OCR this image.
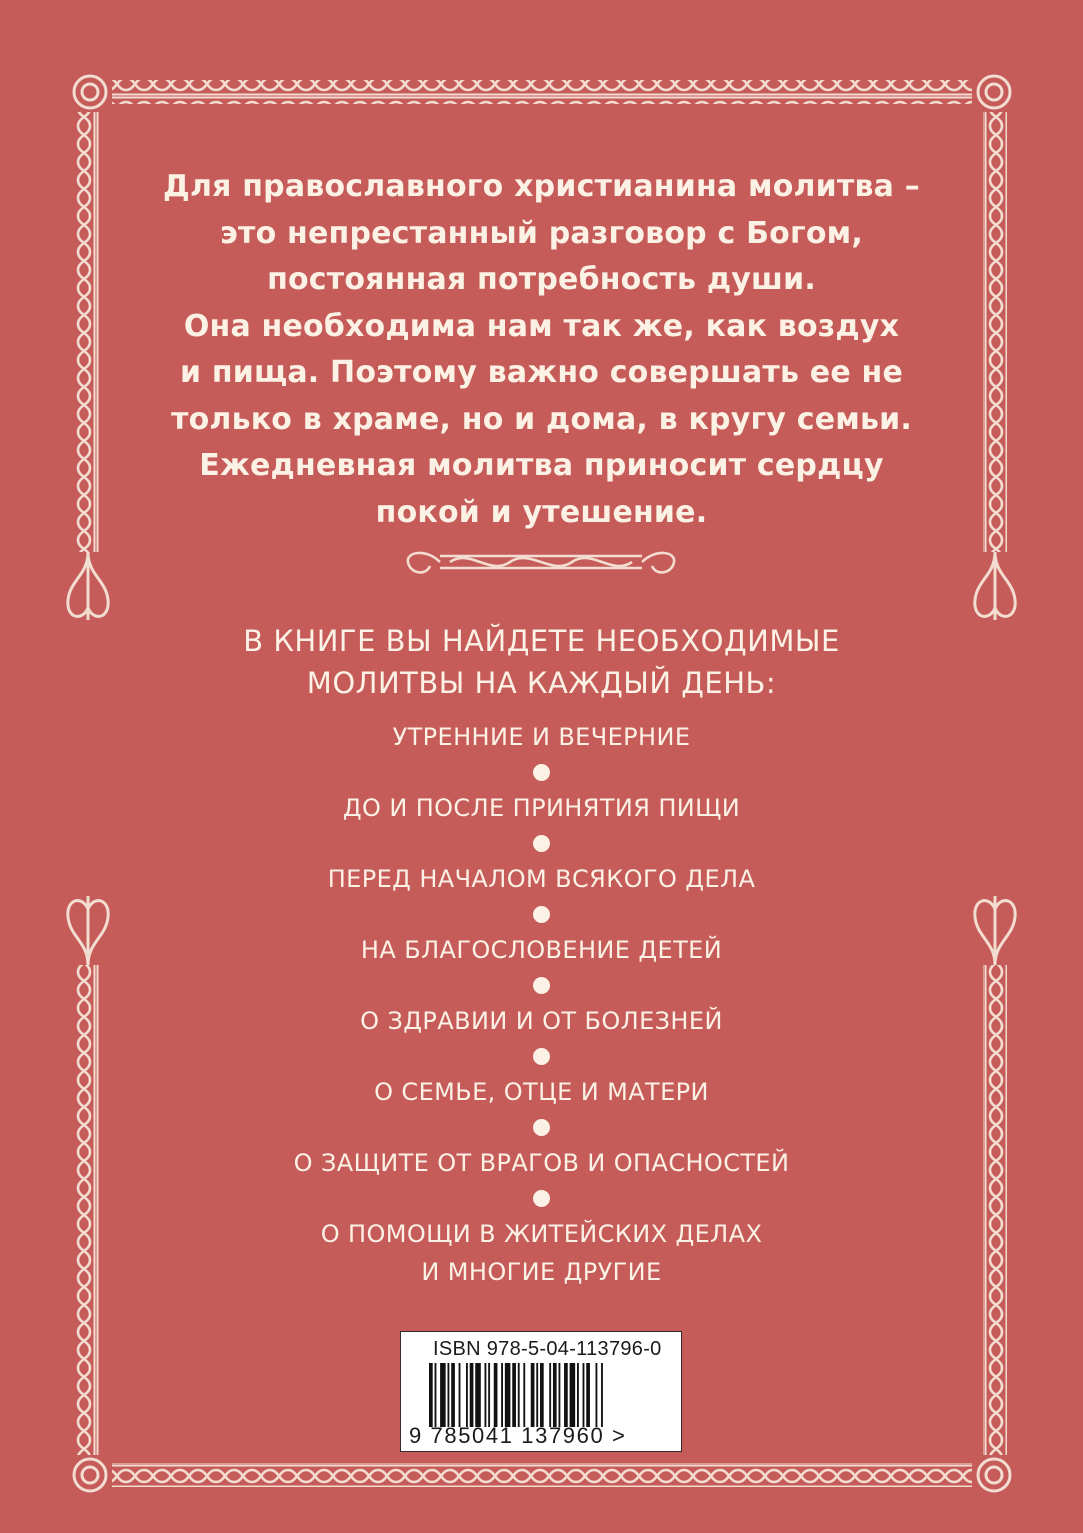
Для православного христианина молитва –
это непрестанный разговор с Богом,
постоянная потребность души.
Она необходима нам так же, как воздух
и пища. Поэтому важно совершать ее не
только в храме, но и дома, в кругу семьи.
Ежедневная молитва приносит сердцу
покой и утешение.
В КНИГЕ ВЫ НАЙДЕТЕ НЕОБХОДИМЫЕ
МОЛИТВЫ НА КАЖДЫЙ ДЕНЬ:
УТРЕННИЕ И ВЕЧЕРНИЕ
ДО И ПОСЛЕ ПРИНЯТИЯ ПИЩИ
ПЕРЕД НАЧАЛОМ ВСЯКОГО ДЕЛА
НА БЛАГОСЛОВЕНИЕ ДЕТЕЙ
О ЗДРАВИИ И ОТ БОЛЕЗНЕЙ
О СЕМЬЕ, ОТЦЕ И МАТЕРИ
О ЗАЩИТЕ ОТ ВРАГОВ И ОПАСНОСТЕЙ
О ПОМОЩИ В ЖИТЕЙСКИХ ДЕЛАХ
И МНОГИЕ ДРУГИЕ
ISBN 978-5-04-113796-0
9 785041 137960 >
